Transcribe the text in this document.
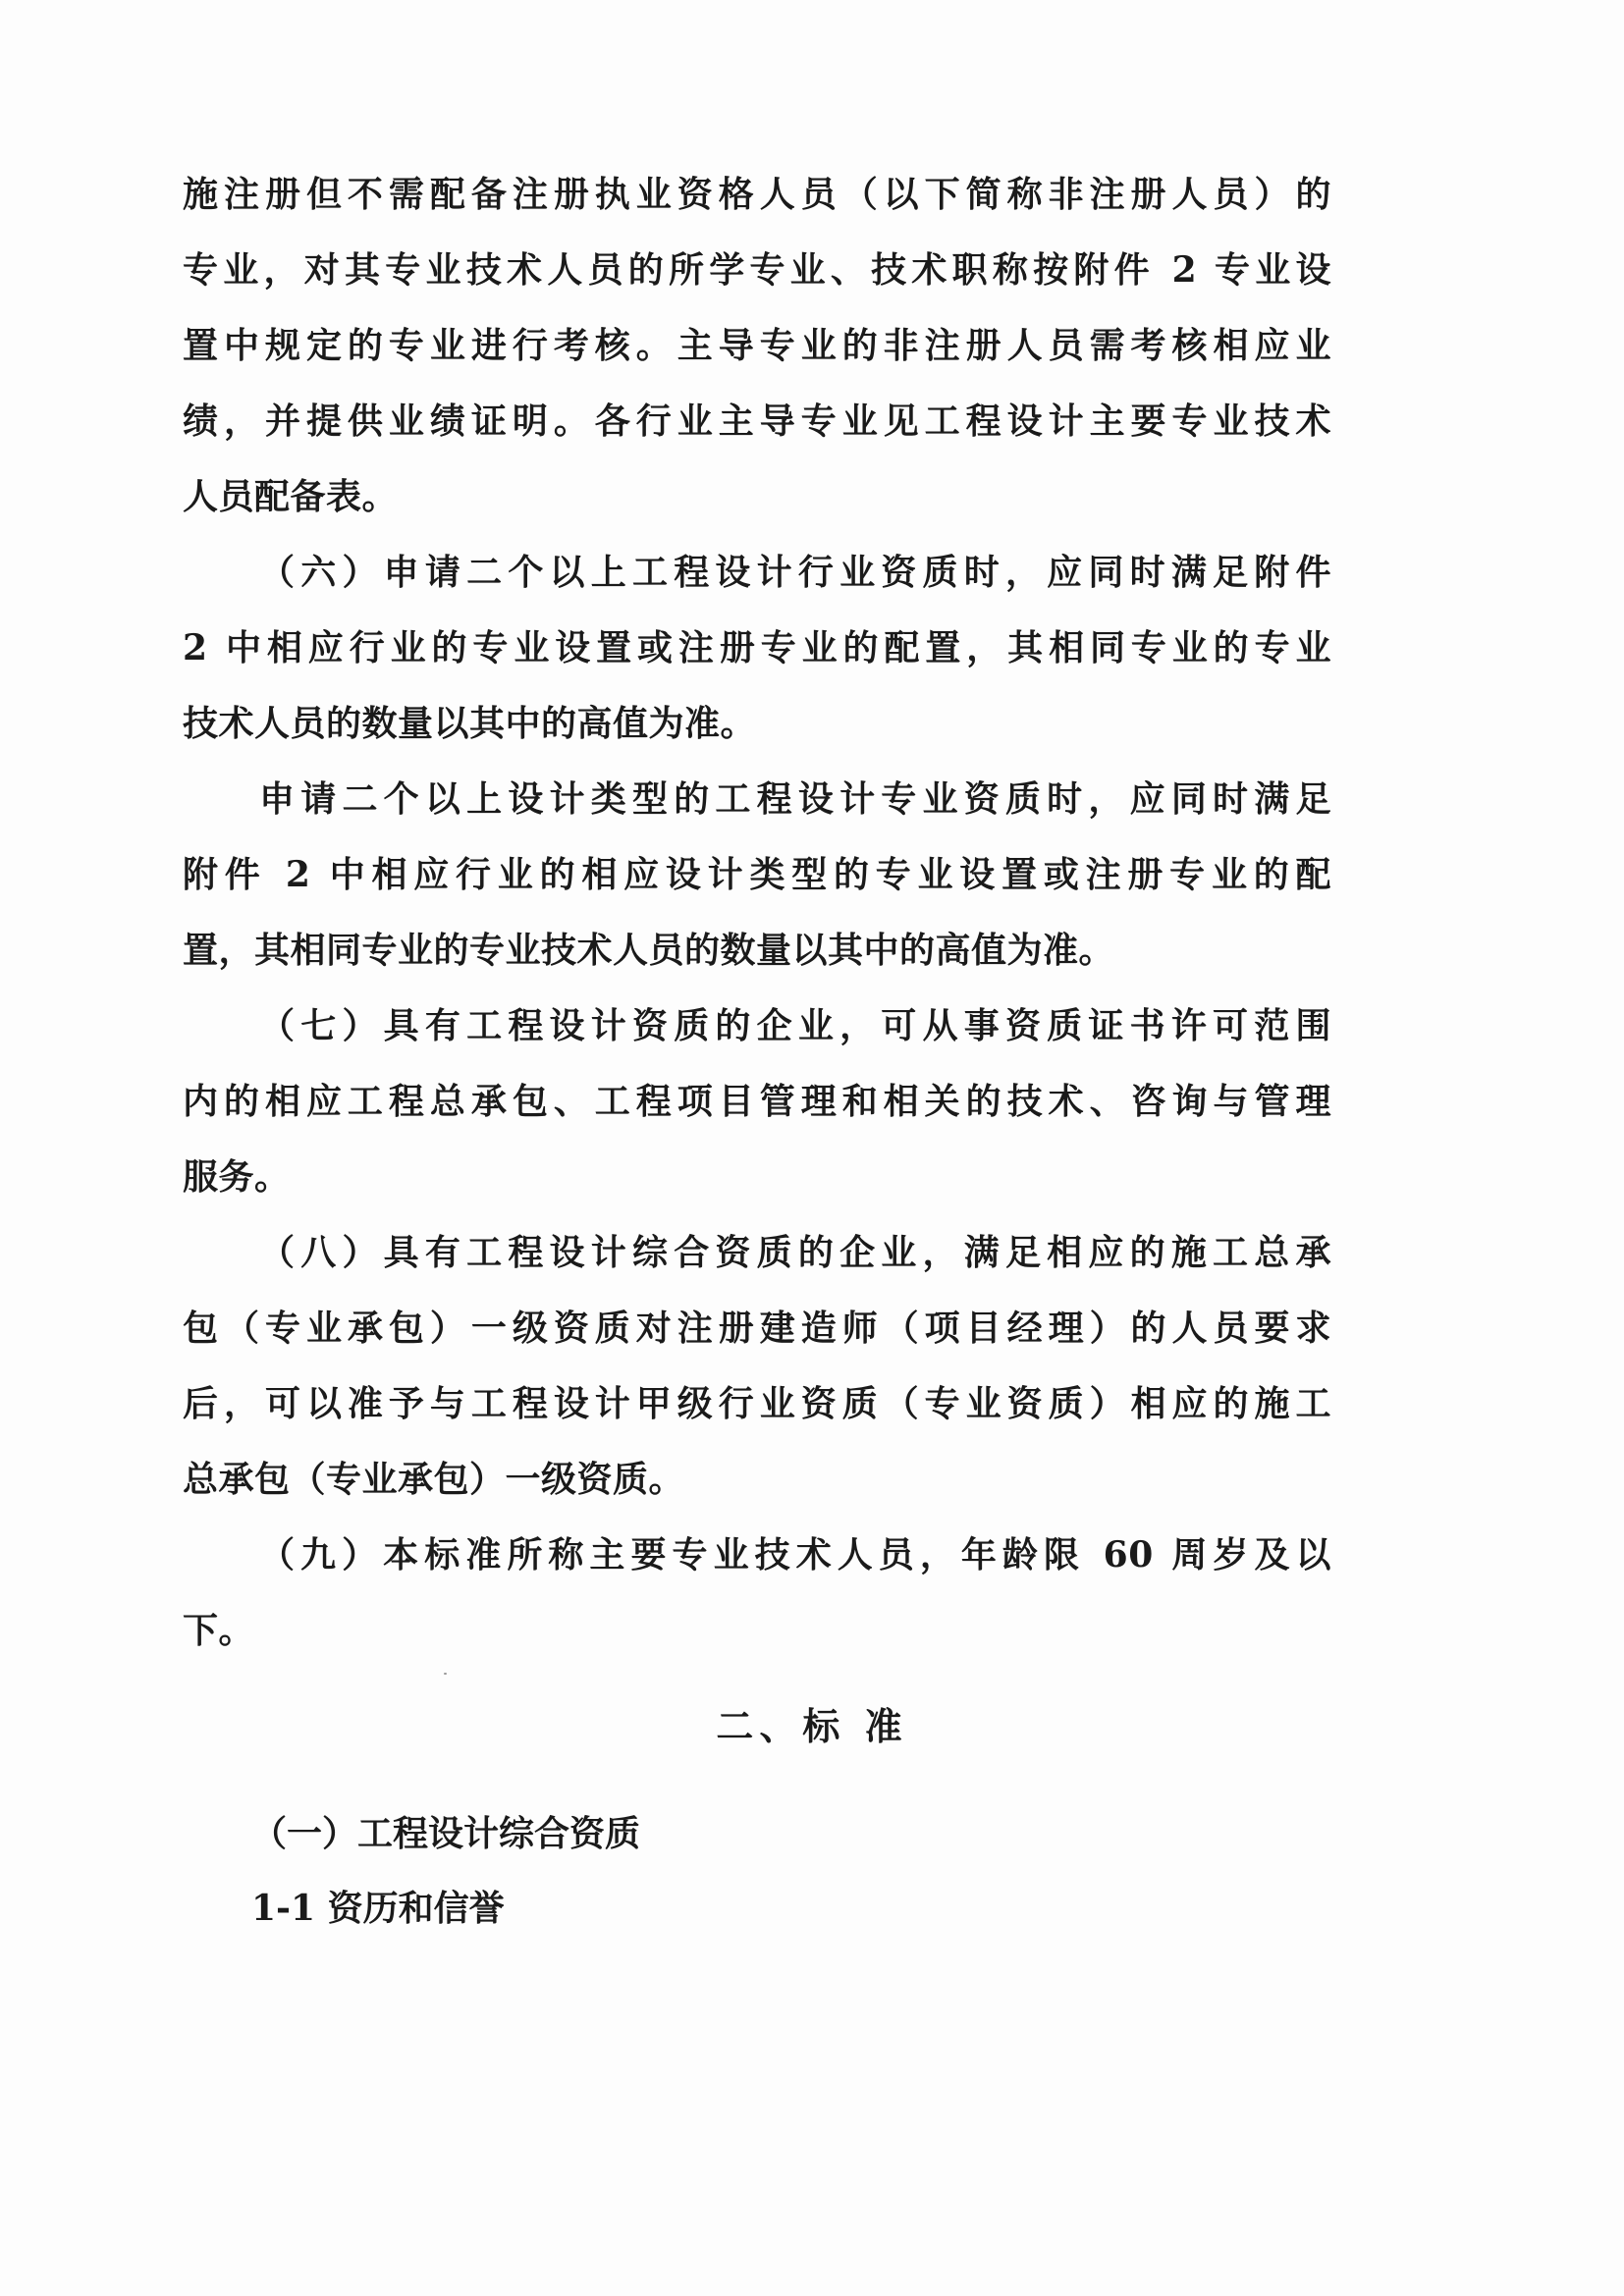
施注册但不需配备注册执业资格人员（以下简称非注册人员）的
专业，对其专业技术人员的所学专业、技术职称按附件 2 专业设
置中规定的专业进行考核。主导专业的非注册人员需考核相应业
绩，并提供业绩证明。各行业主导专业见工程设计主要专业技术
人员配备表。
（六）申请二个以上工程设计行业资质时，应同时满足附件
2 中相应行业的专业设置或注册专业的配置，其相同专业的专业
技术人员的数量以其中的高值为准。
申请二个以上设计类型的工程设计专业资质时，应同时满足
附件 2 中相应行业的相应设计类型的专业设置或注册专业的配
置，其相同专业的专业技术人员的数量以其中的高值为准。
（七）具有工程设计资质的企业，可从事资质证书许可范围
内的相应工程总承包、工程项目管理和相关的技术、咨询与管理
服务。
（八）具有工程设计综合资质的企业，满足相应的施工总承
包（专业承包）一级资质对注册建造师（项目经理）的人员要求
后，可以准予与工程设计甲级行业资质（专业资质）相应的施工
总承包（专业承包）一级资质。
（九）本标准所称主要专业技术人员，年龄限 60 周岁及以
下。
二、标 准
（一）工程设计综合资质
1-1 资历和信誉
